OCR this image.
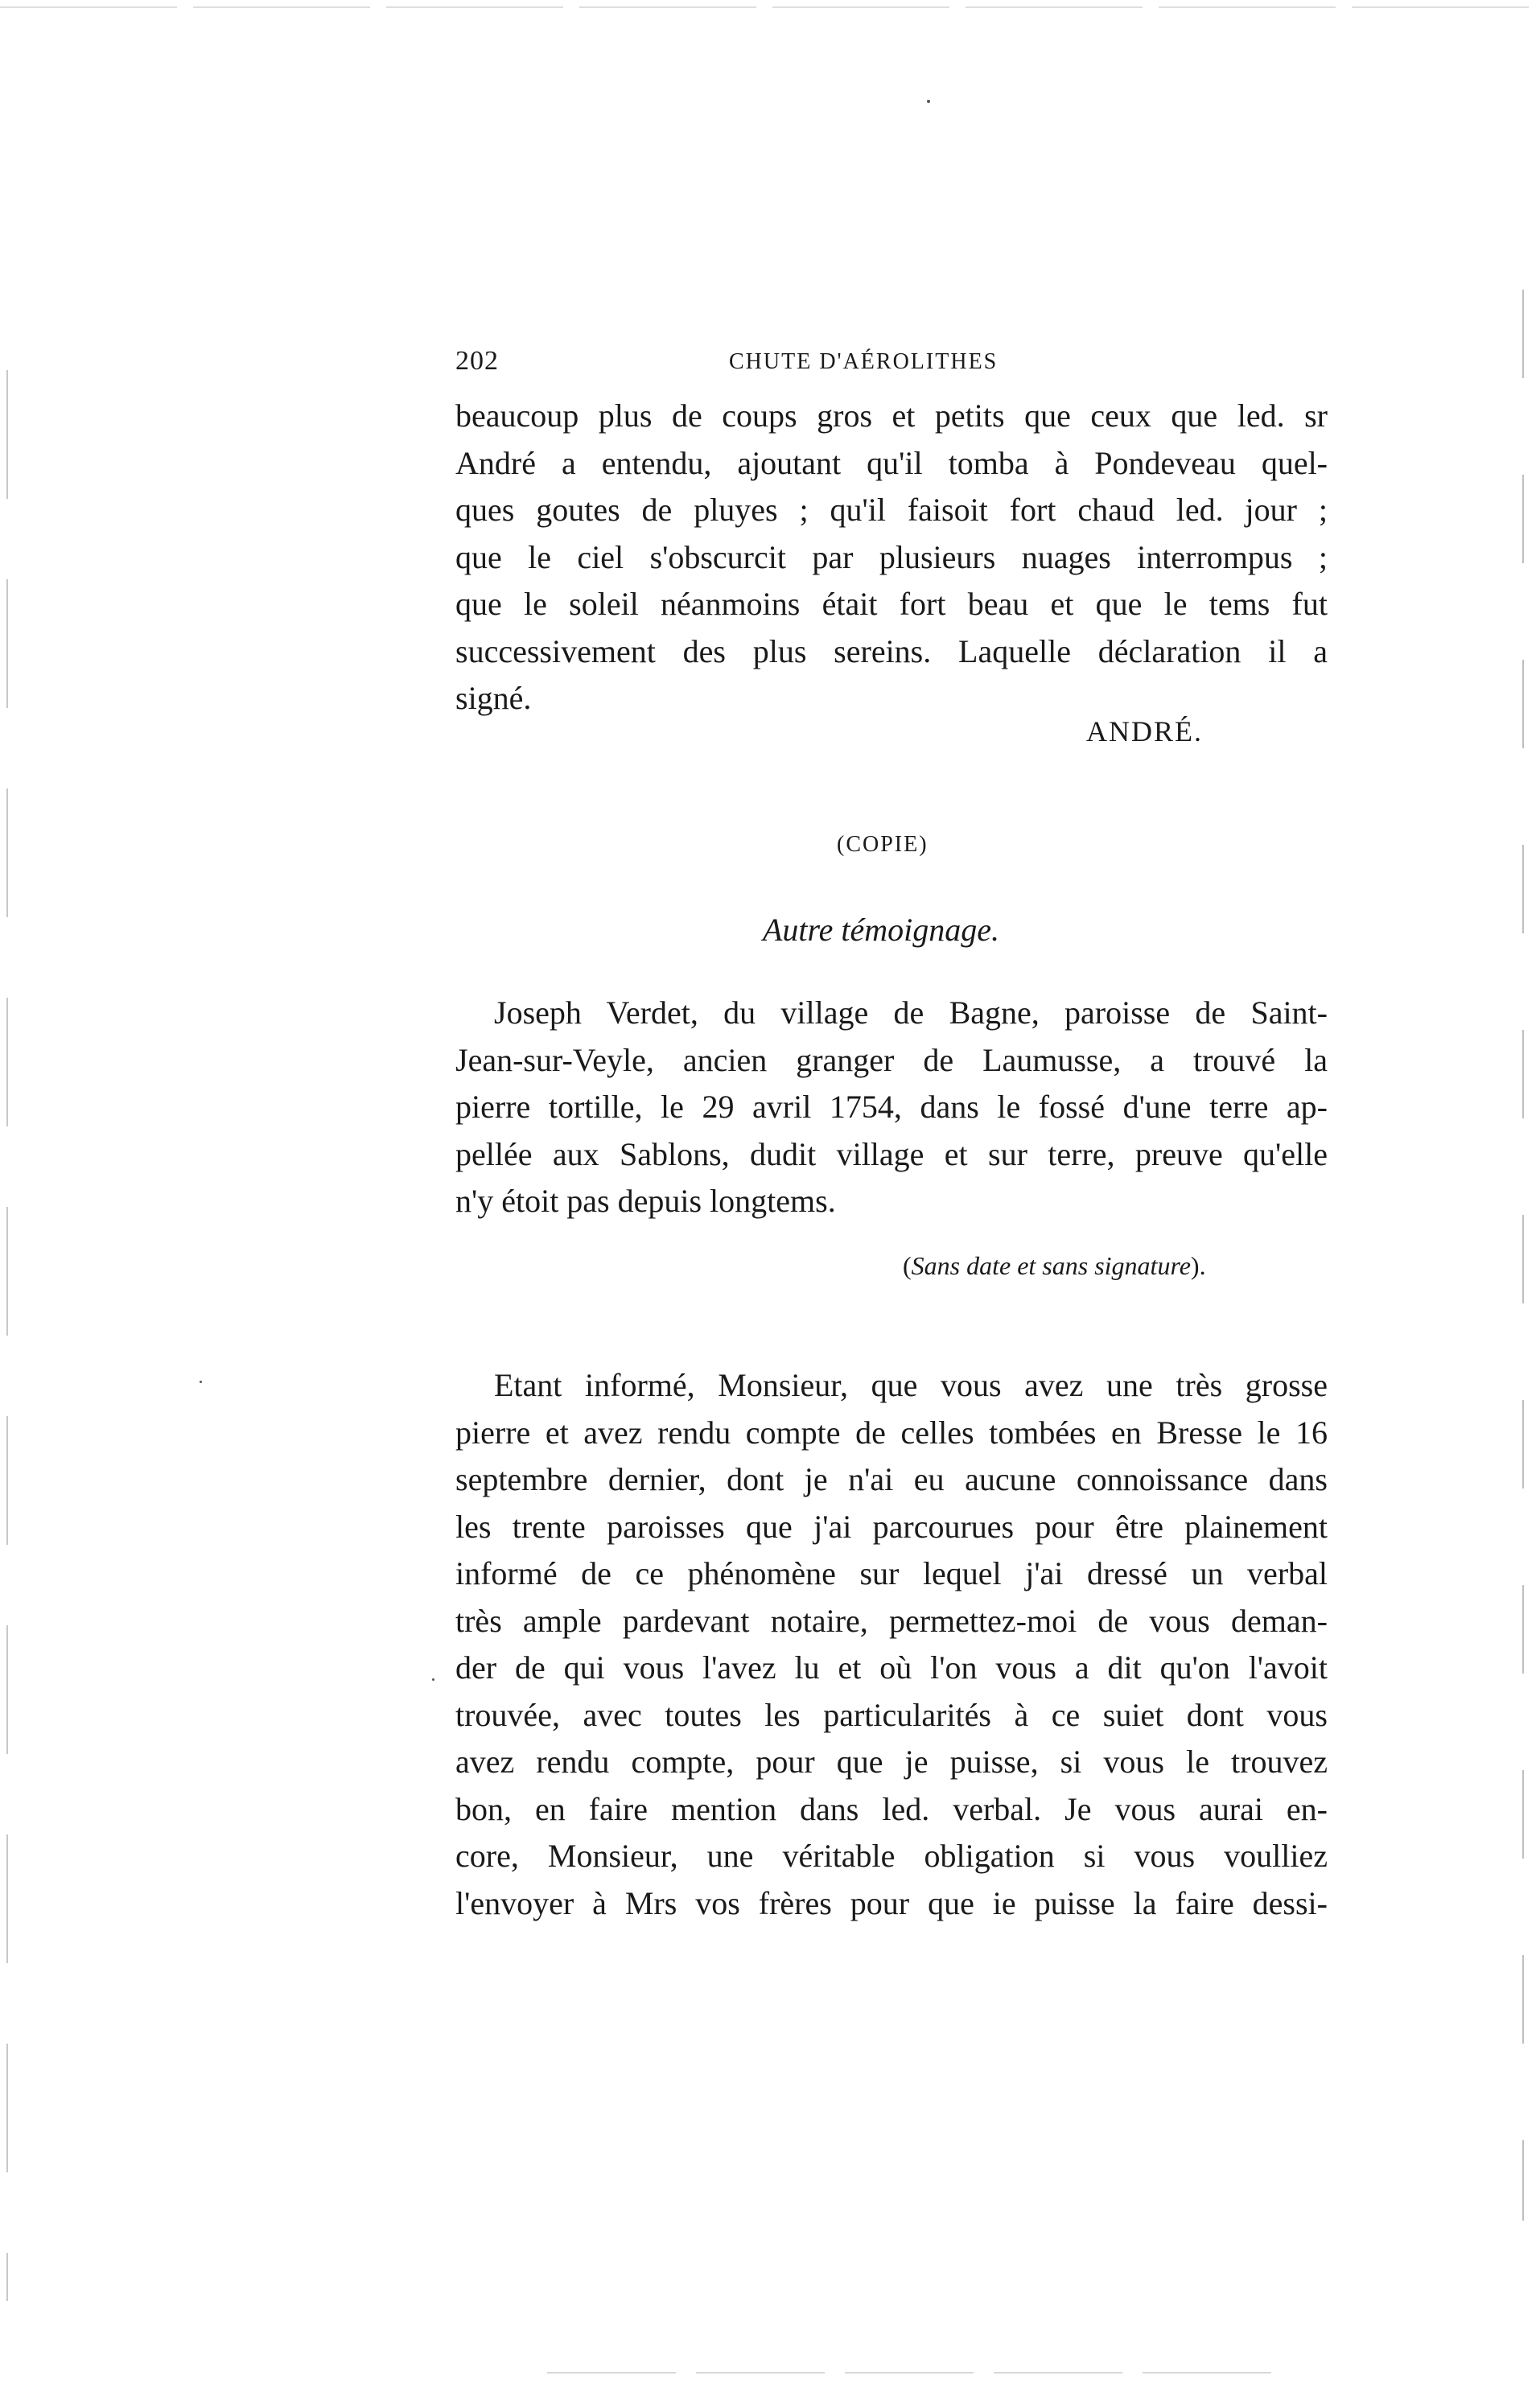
202	CHUTE D'AÉROLITHES
beaucoup plus de coups gros et petits que ceux que led. sr
André a entendu, ajoutant qu'il tomba à Pondeveau quel-
ques goutes de pluyes ; qu'il faisoit fort chaud led. jour ;
que le ciel s'obscurcit par plusieurs nuages interrompus ;
que le soleil néanmoins était fort beau et que le tems fut
successivement des plus sereins. Laquelle déclaration il a
signé.
ANDRÉ.
(COPIE)
Autre témoignage.
Joseph Verdet, du village de Bagne, paroisse de Saint-
Jean-sur-Veyle, ancien granger de Laumusse, a trouvé la
pierre tortille, le 29 avril 1754, dans le fossé d'une terre ap-
pellée aux Sablons, dudit village et sur terre, preuve qu'elle
n'y étoit pas depuis longtems.
(Sans date et sans signature).
Etant informé, Monsieur, que vous avez une très grosse
pierre et avez rendu compte de celles tombées en Bresse le 16
septembre dernier, dont je n'ai eu aucune connoissance dans
les trente paroisses que j'ai parcourues pour être plainement
informé de ce phénomène sur lequel j'ai dressé un verbal
très ample pardevant notaire, permettez-moi de vous deman-
der de qui vous l'avez lu et où l'on vous a dit qu'on l'avoit
trouvée, avec toutes les particularités à ce suiet dont vous
avez rendu compte, pour que je puisse, si vous le trouvez
bon, en faire mention dans led. verbal. Je vous aurai en-
core, Monsieur, une véritable obligation si vous voulliez
l'envoyer à Mrs vos frères pour que ie puisse la faire dessi-
